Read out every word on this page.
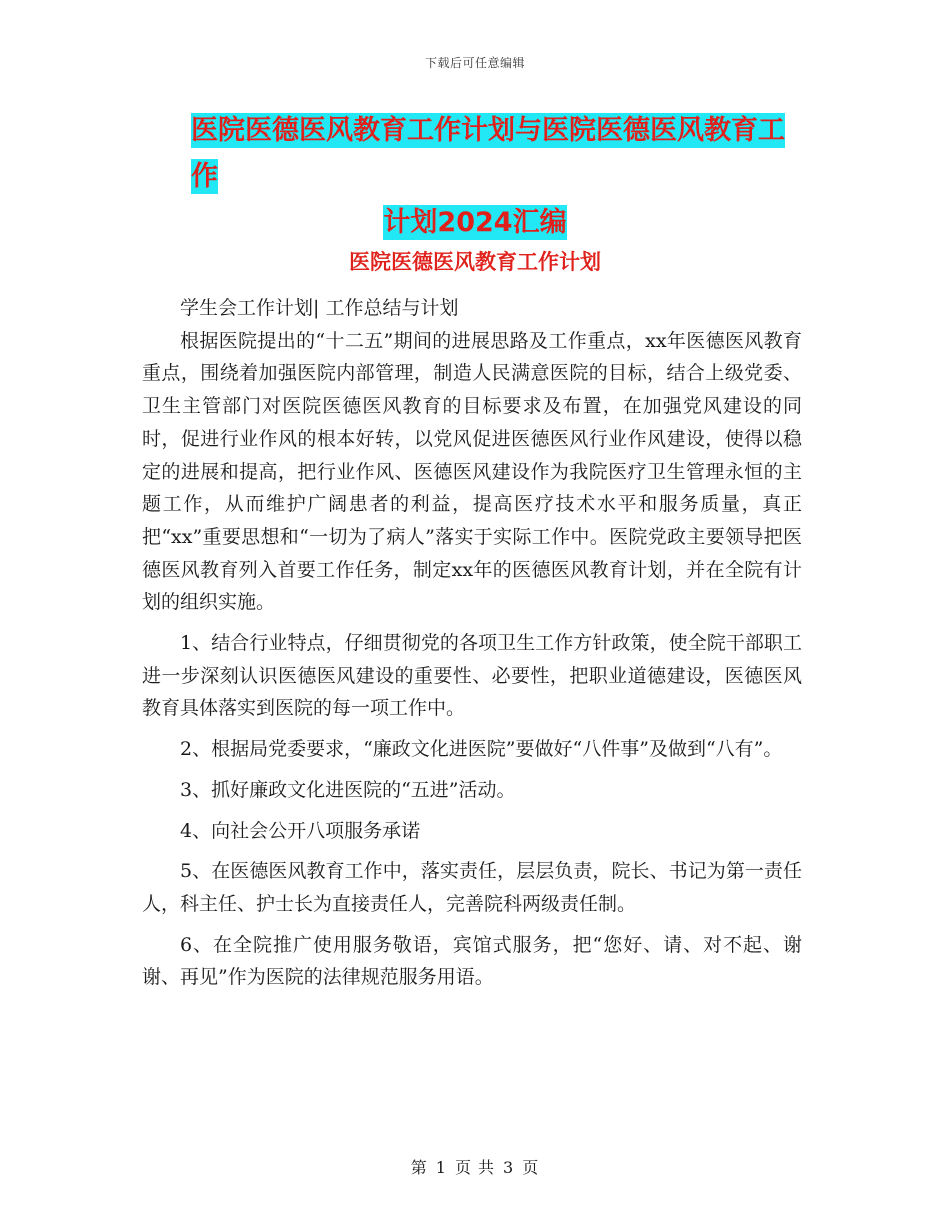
下载后可任意编辑
医院医德医风教育工作计划与医院医德医风教育工作
计划2024汇编
医院医德医风教育工作计划

学生会工作计划| 工作总结与计划

根据医院提出的“十二五”期间的进展思路及工作重点，xx年医德医风教育重点，围绕着加强医院内部管理，制造人民满意医院的目标，结合上级党委、卫生主管部门对医院医德医风教育的目标要求及布置，在加强党风建设的同时，促进行业作风的根本好转，以党风促进医德医风行业作风建设，使得以稳定的进展和提高，把行业作风、医德医风建设作为我院医疗卫生管理永恒的主题工作，从而维护广阔患者的利益，提高医疗技术水平和服务质量，真正把“xx”重要思想和“一切为了病人”落实于实际工作中。医院党政主要领导把医德医风教育列入首要工作任务，制定xx年的医德医风教育计划，并在全院有计划的组织实施。

1、结合行业特点，仔细贯彻党的各项卫生工作方针政策，使全院干部职工进一步深刻认识医德医风建设的重要性、必要性，把职业道德建设，医德医风教育具体落实到医院的每一项工作中。

2、根据局党委要求，“廉政文化进医院”要做好“八件事”及做到“八有”。

3、抓好廉政文化进医院的“五进”活动。

4、向社会公开八项服务承诺

5、在医德医风教育工作中，落实责任，层层负责，院长、书记为第一责任人，科主任、护士长为直接责任人，完善院科两级责任制。

6、在全院推广使用服务敬语，宾馆式服务，把“您好、请、对不起、谢谢、再见”作为医院的法律规范服务用语。

第 1 页 共 3 页
